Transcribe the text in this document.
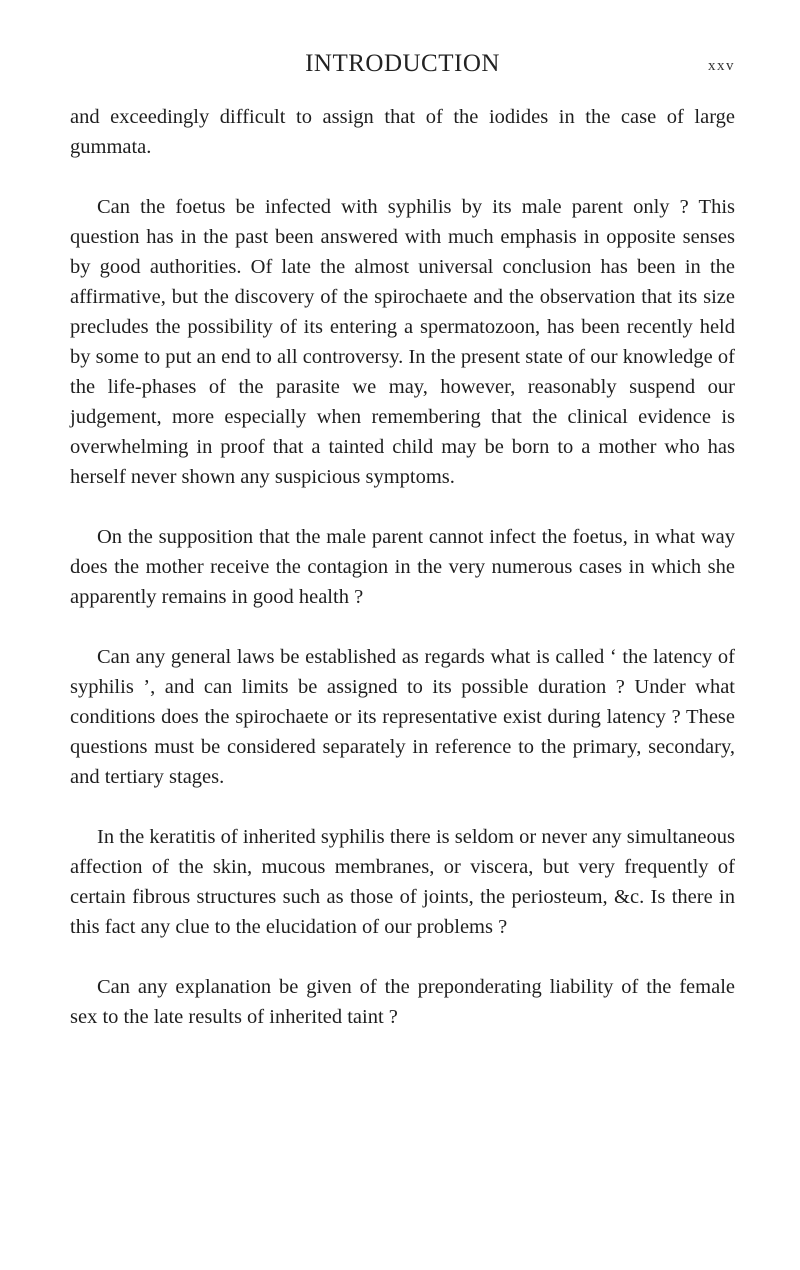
INTRODUCTION	xxv

and exceedingly difficult to assign that of the iodides in the case of large gummata.

Can the foetus be infected with syphilis by its male parent only ? This question has in the past been answered with much emphasis in opposite senses by good authorities. Of late the almost universal conclusion has been in the affirmative, but the discovery of the spirochaete and the observation that its size precludes the possibility of its entering a spermatozoon, has been recently held by some to put an end to all controversy. In the present state of our knowledge of the life-phases of the parasite we may, however, reasonably suspend our judgement, more especially when remembering that the clinical evidence is overwhelming in proof that a tainted child may be born to a mother who has herself never shown any suspicious symptoms.

On the supposition that the male parent cannot infect the foetus, in what way does the mother receive the contagion in the very numerous cases in which she apparently remains in good health ?

Can any general laws be established as regards what is called ‘ the latency of syphilis ’, and can limits be assigned to its possible duration ? Under what conditions does the spirochaete or its representative exist during latency ? These questions must be considered separately in reference to the primary, secondary, and tertiary stages.

In the keratitis of inherited syphilis there is seldom or never any simultaneous affection of the skin, mucous membranes, or viscera, but very frequently of certain fibrous structures such as those of joints, the periosteum, &c. Is there in this fact any clue to the elucidation of our problems ?

Can any explanation be given of the preponderating liability of the female sex to the late results of inherited taint ?
